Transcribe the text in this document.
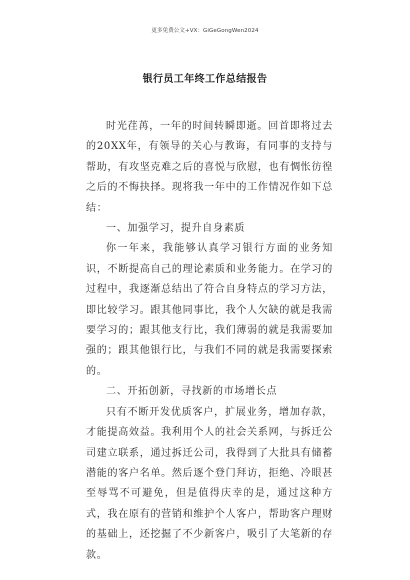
更多免费公文+VX：GiGeGongWen2024
银行员工年终工作总结报告

时光荏苒，一年的时间转瞬即逝。回首即将过去的20XX年，有领导的关心与教诲，有同事的支持与帮助，有攻坚克难之后的喜悦与欣慰，也有惆怅彷徨之后的不悔抉择。现将我一年中的工作情况作如下总结：

一、加强学习，提升自身素质

你一年来，我能够认真学习银行方面的业务知识，不断提高自己的理论素质和业务能力。在学习的过程中，我逐渐总结出了符合自身特点的学习方法，即比较学习。跟其他同事比，我个人欠缺的就是我需要学习的；跟其他支行比，我们薄弱的就是我需要加强的；跟其他银行比，与我们不同的就是我需要探索的。

二、开拓创新，寻找新的市场增长点

只有不断开发优质客户，扩展业务，增加存款，才能提高效益。我利用个人的社会关系网，与拆迁公司建立联系，通过拆迁公司，我得到了大批具有储蓄潜能的客户名单。然后逐个登门拜访，拒绝、冷眼甚至辱骂不可避免，但是值得庆幸的是，通过这种方式，我在原有的营销和维护个人客户，帮助客户理财的基础上，还挖掘了不少新客户，吸引了大笔新的存款。
